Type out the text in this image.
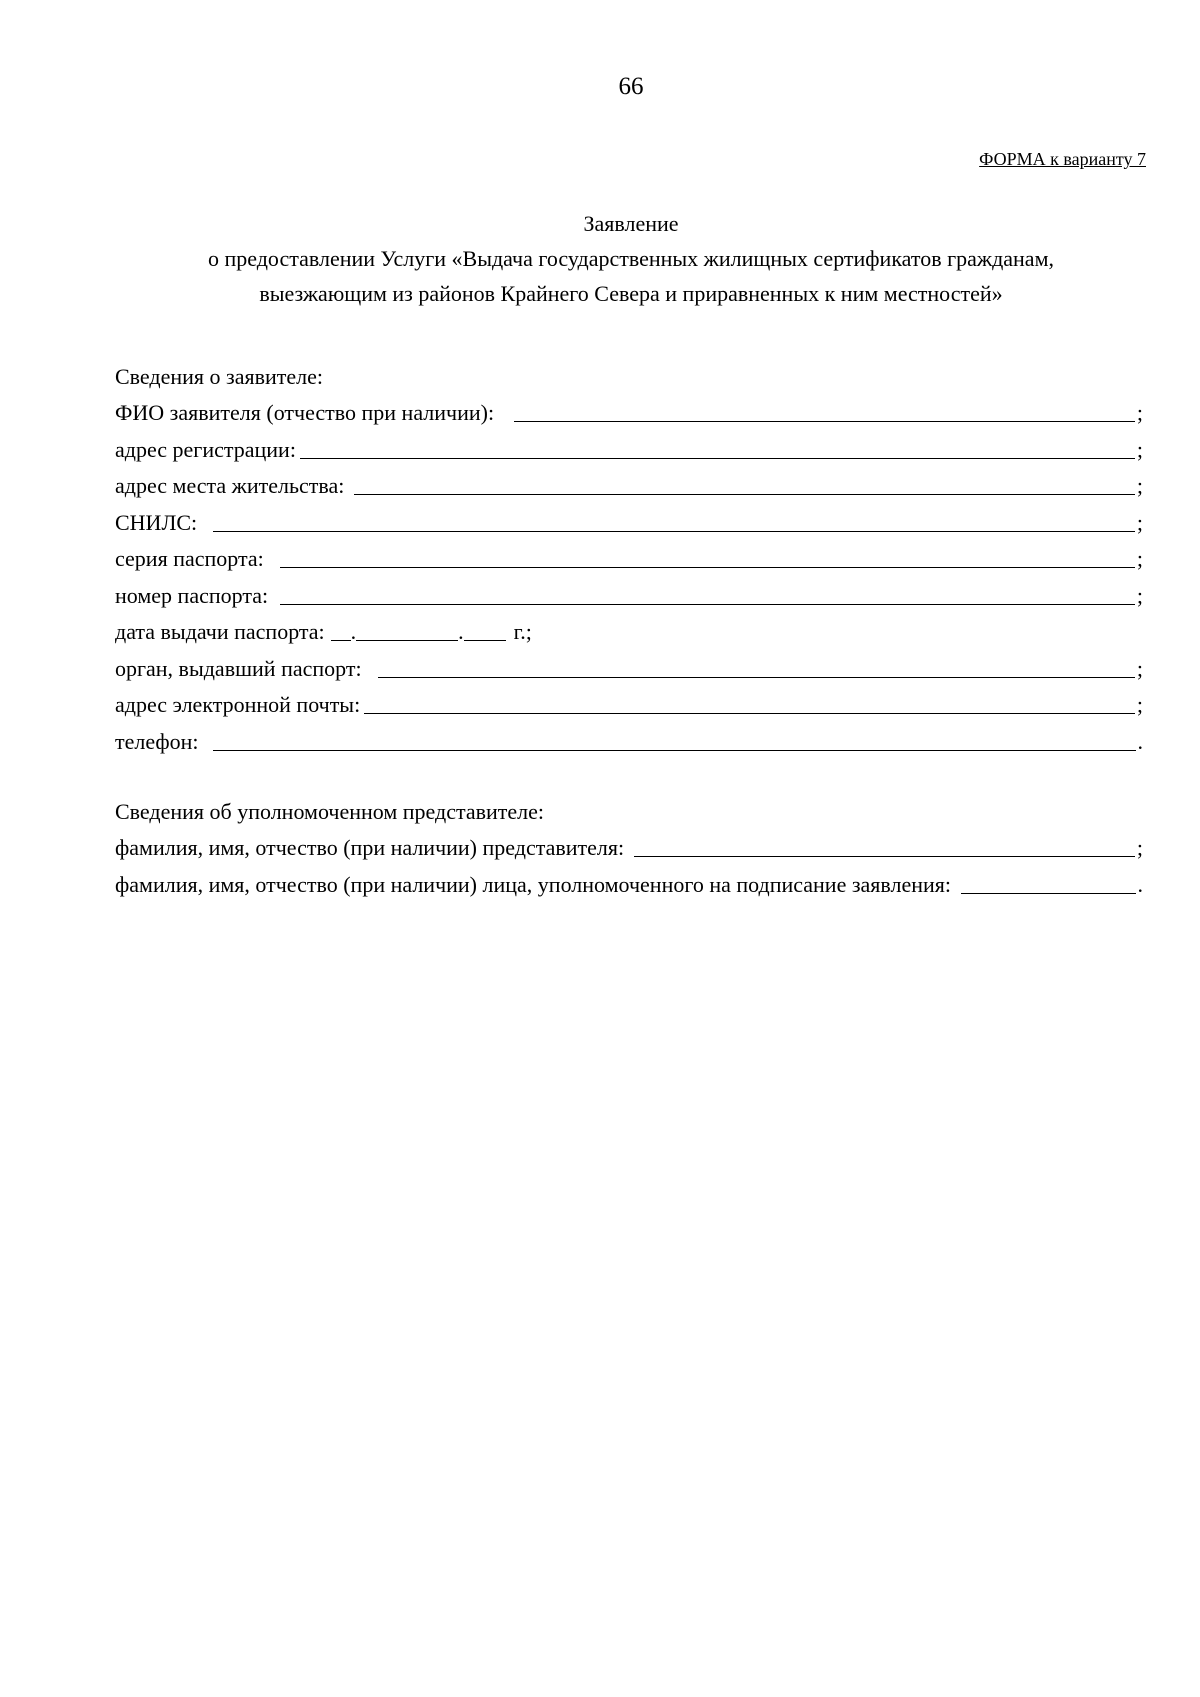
66
ФОРМА к варианту 7
Заявление
о предоставлении Услуги «Выдача государственных жилищных сертификатов гражданам,
выезжающим из районов Крайнего Севера и приравненных к ним местностей»
Сведения о заявителе:
ФИО заявителя (отчество при наличии):	;
адрес регистрации:	;
адрес места жительства:	;
СНИЛС:	;
серия паспорта:	;
номер паспорта:	;
дата выдачи паспорта: .	. г.;
орган, выдавший паспорт:	;
адрес электронной почты:	;
телефон:	.
Сведения об уполномоченном представителе:
фамилия, имя, отчество (при наличии) представителя:	;
фамилия, имя, отчество (при наличии) лица, уполномоченного на подписание заявления:	.
